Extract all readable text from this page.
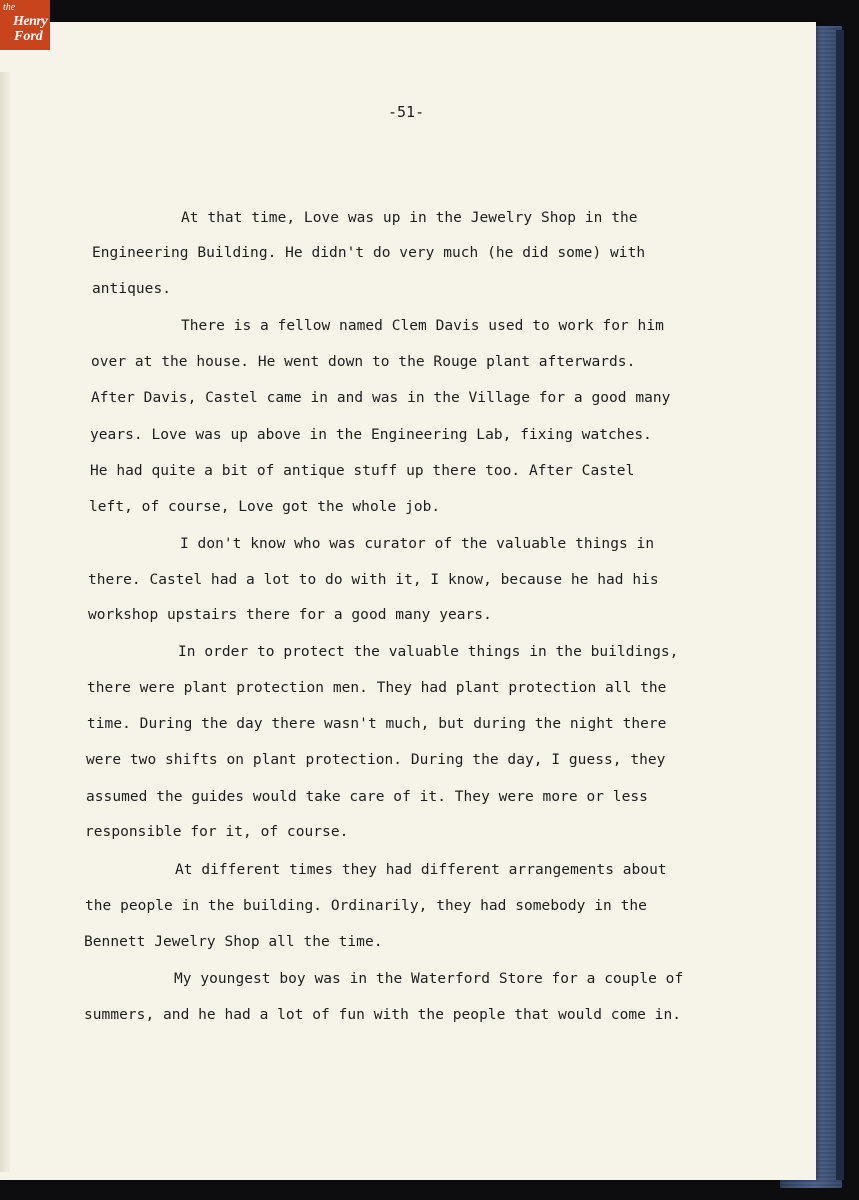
the
Henry
Ford
-51-
At that time, Love was up in the Jewelry Shop in the
Engineering Building. He didn't do very much (he did some) with
antiques.
There is a fellow named Clem Davis used to work for him
over at the house. He went down to the Rouge plant afterwards.
After Davis, Castel came in and was in the Village for a good many
years. Love was up above in the Engineering Lab, fixing watches.
He had quite a bit of antique stuff up there too. After Castel
left, of course, Love got the whole job.
I don't know who was curator of the valuable things in
there. Castel had a lot to do with it, I know, because he had his
workshop upstairs there for a good many years.
In order to protect the valuable things in the buildings,
there were plant protection men. They had plant protection all the
time. During the day there wasn't much, but during the night there
were two shifts on plant protection. During the day, I guess, they
assumed the guides would take care of it. They were more or less
responsible for it, of course.
At different times they had different arrangements about
the people in the building. Ordinarily, they had somebody in the
Bennett Jewelry Shop all the time.
My youngest boy was in the Waterford Store for a couple of
summers, and he had a lot of fun with the people that would come in.
